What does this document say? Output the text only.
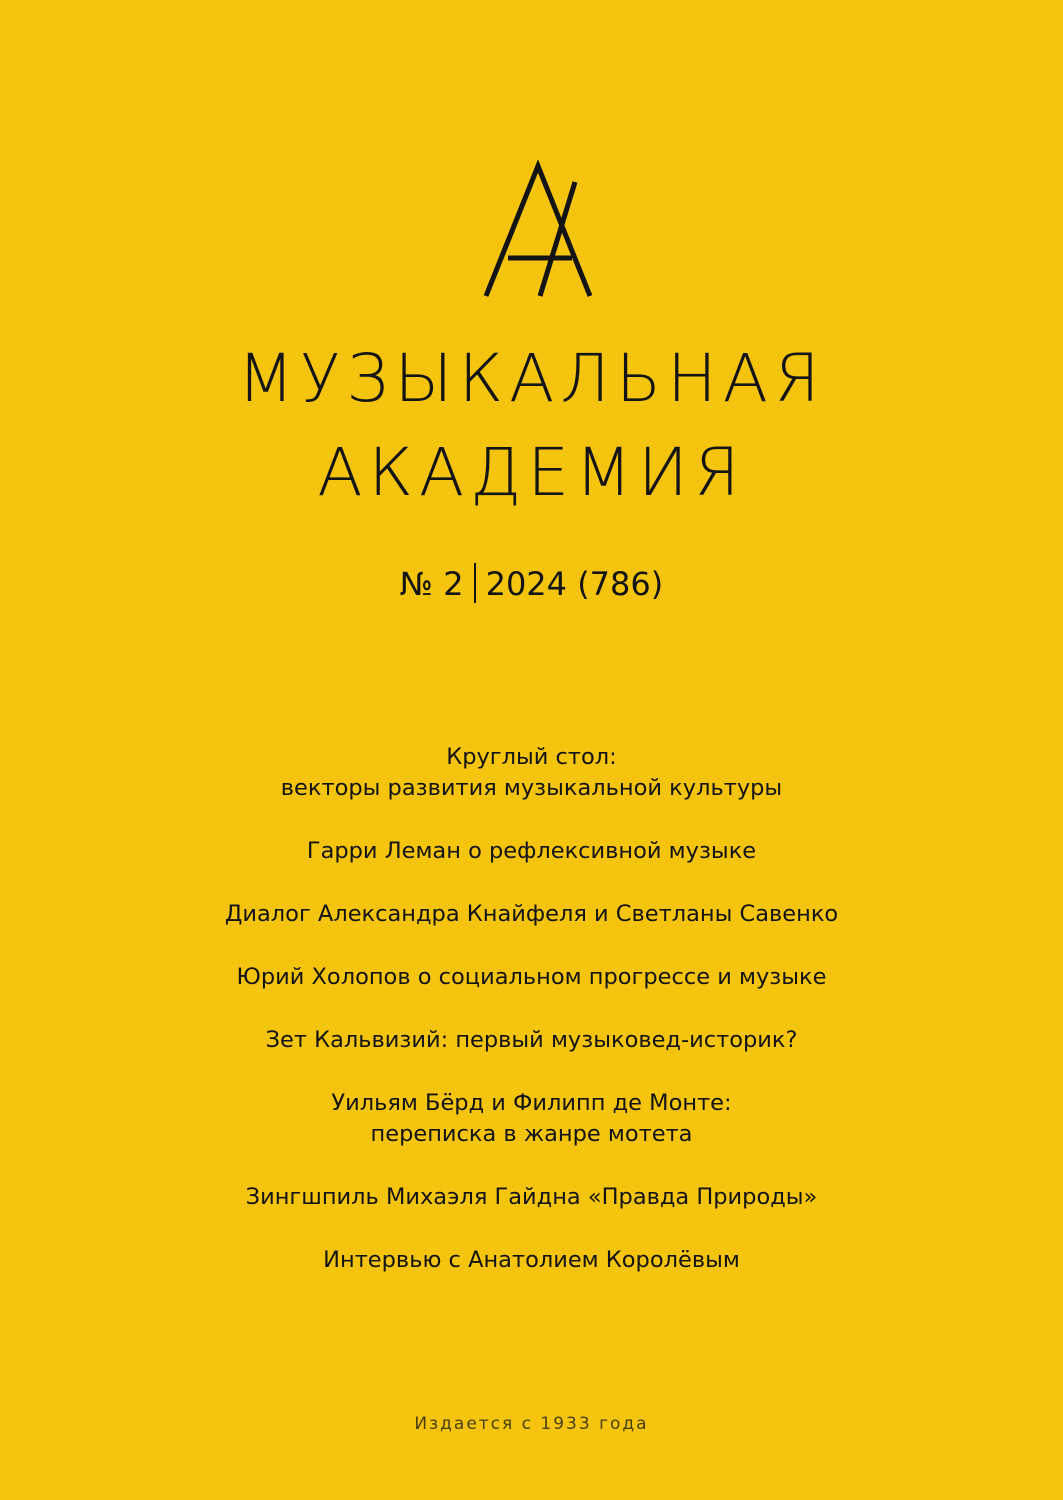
МУЗЫКАЛЬНАЯ
АКАДЕМИЯ
№ 2 2024 (786)
Круглый стол:
векторы развития музыкальной культуры
Гарри Леман о рефлексивной музыке
Диалог Александра Кнайфеля и Светланы Савенко
Юрий Холопов о социальном прогрессе и музыке
Зет Кальвизий: первый музыковед-историк?
Уильям Бёрд и Филипп де Монте:
переписка в жанре мотета
Зингшпиль Михаэля Гайдна «Правда Природы»
Интервью с Анатолием Королёвым
Издается с 1933 года
